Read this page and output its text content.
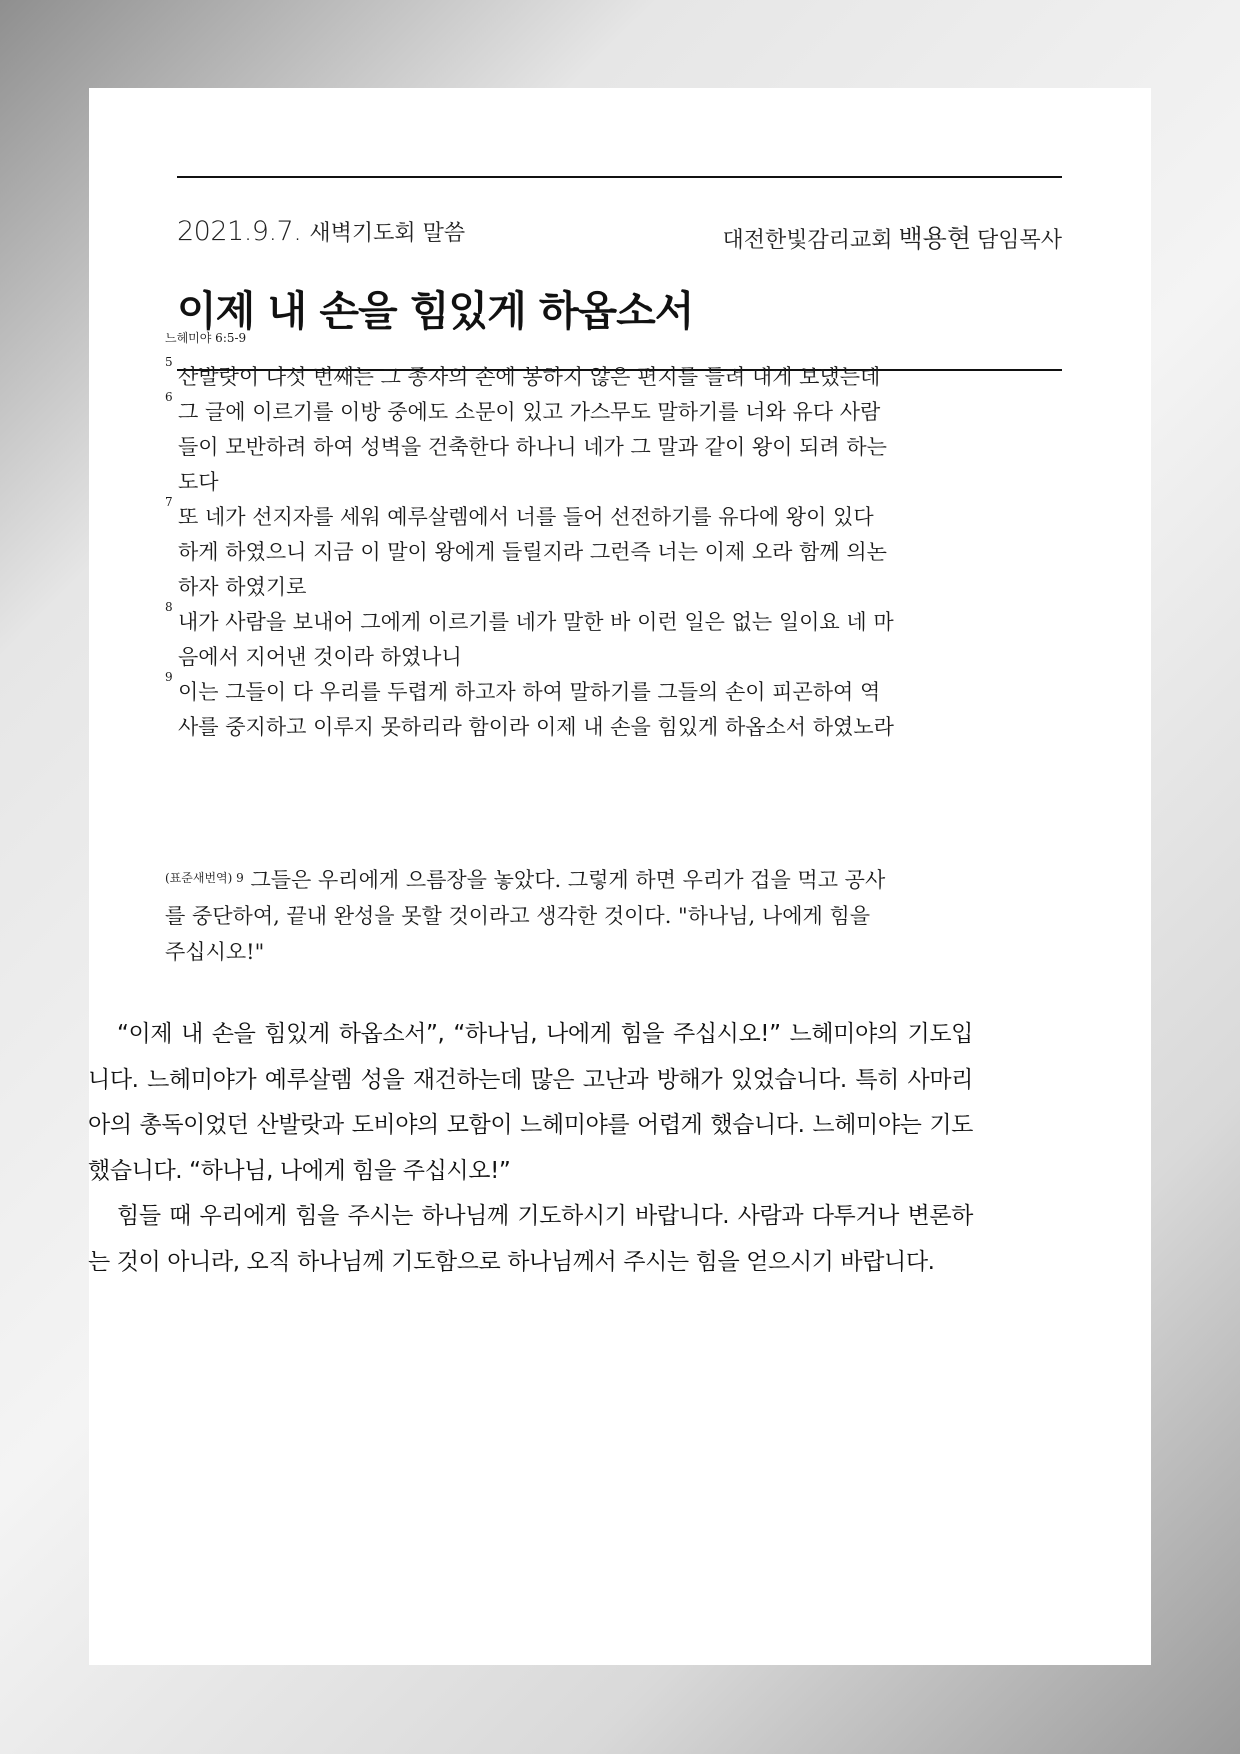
2021.9.7. 새벽기도회 말씀	대전한빛감리교회 백용현 담임목사
이제 내 손을 힘있게 하옵소서
느헤미야 6:5-9
5
산발랏이 다섯 번째는 그 종자의 손에 봉하지 않은 편지를 들려 내게 보냈는데
6
그 글에 이르기를 이방 중에도 소문이 있고 가스무도 말하기를 너와 유다 사람들이 모반하려 하여 성벽을 건축한다 하나니 네가 그 말과 같이 왕이 되려 하는도다
7
또 네가 선지자를 세워 예루살렘에서 너를 들어 선전하기를 유다에 왕이 있다 하게 하였으니 지금 이 말이 왕에게 들릴지라 그런즉 너는 이제 오라 함께 의논하자 하였기로
8
내가 사람을 보내어 그에게 이르기를 네가 말한 바 이런 일은 없는 일이요 네 마음에서 지어낸 것이라 하였나니
9
이는 그들이 다 우리를 두렵게 하고자 하여 말하기를 그들의 손이 피곤하여 역사를 중지하고 이루지 못하리라 함이라 이제 내 손을 힘있게 하옵소서 하였노라
$^{(표준새번역) 9}$ 그들은 우리에게 으름장을 놓았다. 그렇게 하면 우리가 겁을 먹고 공사를 중단하여, 끝내 완성을 못할 것이라고 생각한 것이다. "하나님, 나에게 힘을 주십시오!"

“이제 내 손을 힘있게 하옵소서”, “하나님, 나에게 힘을 주십시오!” 느헤미야의 기도입니다. 느헤미야가 예루살렘 성을 재건하는데 많은 고난과 방해가 있었습니다. 특히 사마리아의 총독이었던 산발랏과 도비야의 모함이 느헤미야를 어렵게 했습니다. 느헤미야는 기도했습니다. “하나님, 나에게 힘을 주십시오!”

힘들 때 우리에게 힘을 주시는 하나님께 기도하시기 바랍니다. 사람과 다투거나 변론하는 것이 아니라, 오직 하나님께 기도함으로 하나님께서 주시는 힘을 얻으시기 바랍니다.
